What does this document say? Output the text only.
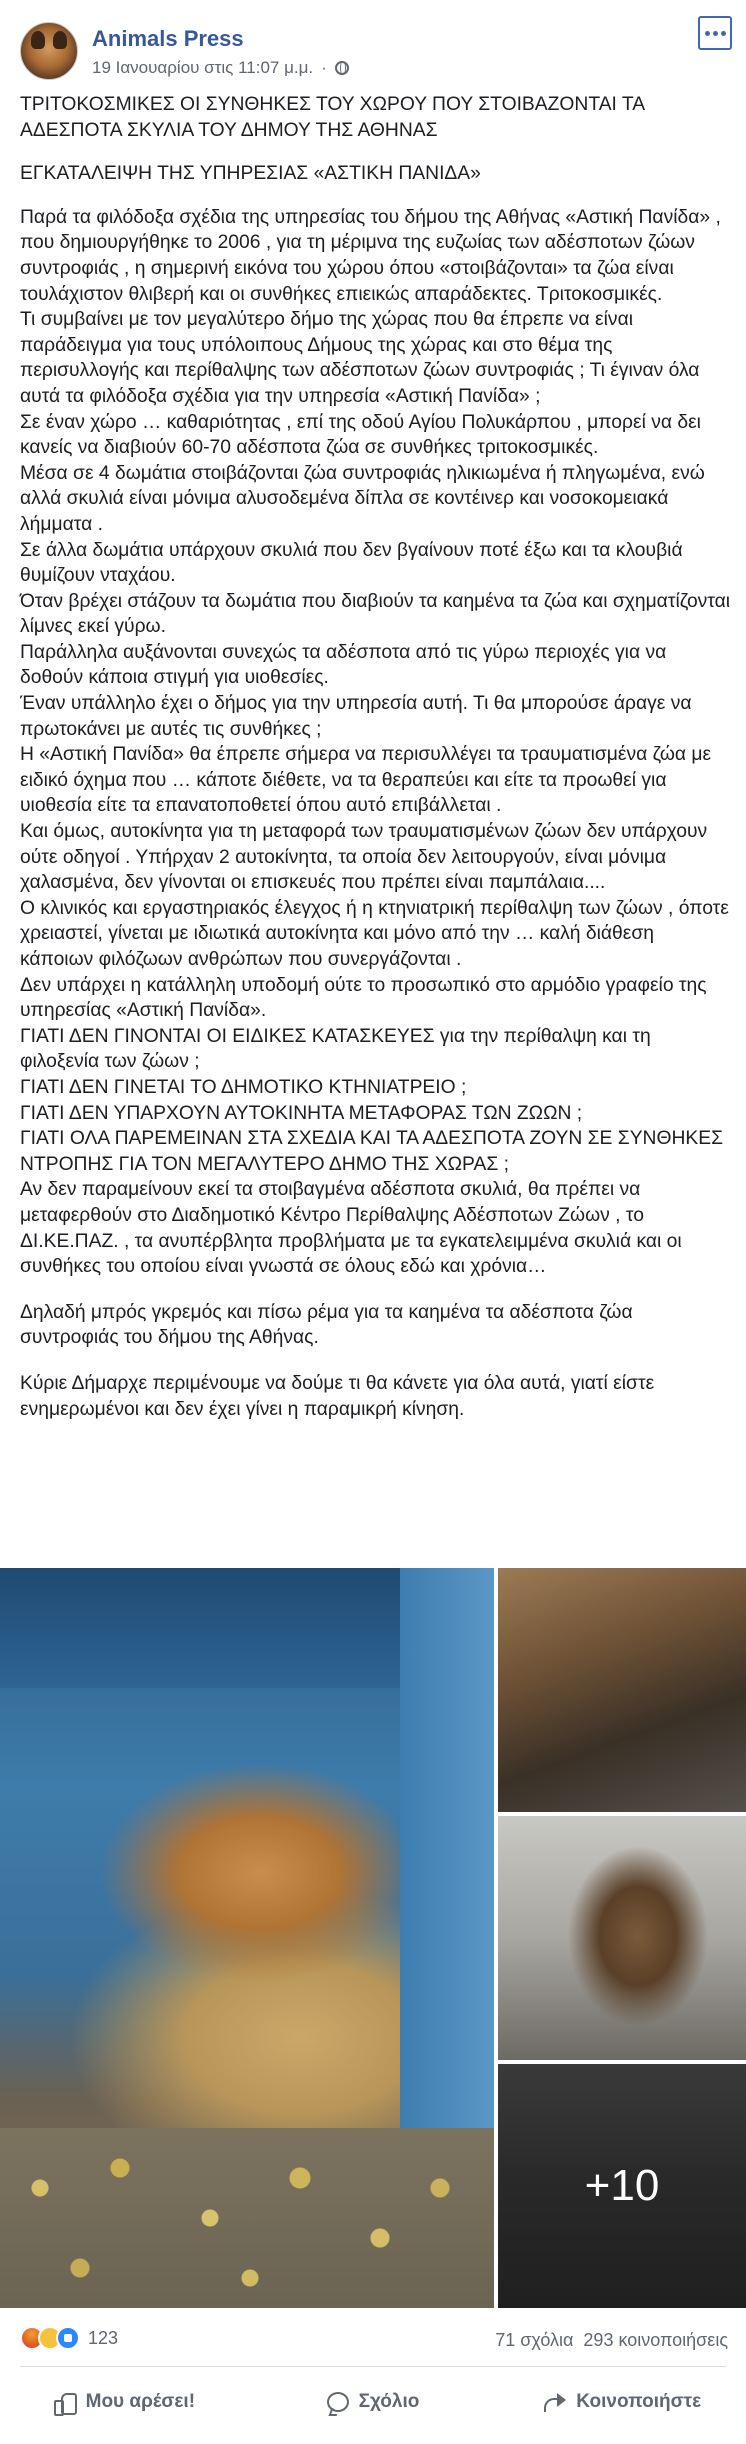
Animals Press
19 Ιανουαρίου στις 11:07 μ.μ. ·

ΤΡΙΤΟΚΟΣΜΙΚΕΣ ΟΙ ΣΥΝΘΗΚΕΣ ΤΟΥ ΧΩΡΟΥ ΠΟΥ ΣΤΟΙΒΑΖΟΝΤΑΙ ΤΑ ΑΔΕΣΠΟΤΑ ΣΚΥΛΙΑ ΤΟΥ ΔΗΜΟΥ ΤΗΣ ΑΘΗΝΑΣ

ΕΓΚΑΤΑΛΕΙΨΗ ΤΗΣ ΥΠΗΡΕΣΙΑΣ «ΑΣΤΙΚΗ ΠΑΝΙΔΑ»

Παρά τα φιλόδοξα σχέδια της υπηρεσίας του δήμου της Αθήνας «Αστική Πανίδα» , που δημιουργήθηκε το 2006 , για τη μέριμνα της ευζωίας των αδέσποτων ζώων συντροφιάς , η σημερινή εικόνα του χώρου όπου «στοιβάζονται» τα ζώα είναι τουλάχιστον θλιβερή και οι συνθήκες επιεικώς απαράδεκτες. Τριτοκοσμικές.

Τι συμβαίνει με τον μεγαλύτερο δήμο της χώρας που θα έπρεπε να είναι παράδειγμα για τους υπόλοιπους Δήμους της χώρας και στο θέμα της περισυλλογής και περίθαλψης των αδέσποτων ζώων συντροφιάς ; Τι έγιναν όλα αυτά τα φιλόδοξα σχέδια για την υπηρεσία «Αστική Πανίδα» ;

Σε έναν χώρο … καθαριότητας , επί της οδού Αγίου Πολυκάρπου , μπορεί να δει κανείς να διαβιούν 60-70 αδέσποτα ζώα σε συνθήκες τριτοκοσμικές.

Μέσα σε 4 δωμάτια στοιβάζονται ζώα συντροφιάς ηλικιωμένα ή πληγωμένα, ενώ αλλά σκυλιά είναι μόνιμα αλυσοδεμένα δίπλα σε κοντέινερ και νοσοκομειακά λήμματα .

Σε άλλα δωμάτια υπάρχουν σκυλιά που δεν βγαίνουν ποτέ έξω και τα κλουβιά θυμίζουν νταχάου.

Όταν βρέχει στάζουν τα δωμάτια που διαβιούν τα καημένα τα ζώα και σχηματίζονται λίμνες εκεί γύρω.

Παράλληλα αυξάνονται συνεχώς τα αδέσποτα από τις γύρω περιοχές για να δοθούν κάποια στιγμή για υιοθεσίες.

Έναν υπάλληλο έχει ο δήμος για την υπηρεσία αυτή. Τι θα μπορούσε άραγε να πρωτοκάνει με αυτές τις συνθήκες ;

Η «Αστική Πανίδα» θα έπρεπε σήμερα να περισυλλέγει τα τραυματισμένα ζώα με ειδικό όχημα που … κάποτε διέθετε, να τα θεραπεύει και είτε τα προωθεί για υιοθεσία είτε τα επανατοποθετεί όπου αυτό επιβάλλεται .

Και όμως, αυτοκίνητα για τη μεταφορά των τραυματισμένων ζώων δεν υπάρχουν ούτε οδηγοί . Υπήρχαν 2 αυτοκίνητα, τα οποία δεν λειτουργούν, είναι μόνιμα χαλασμένα, δεν γίνονται οι επισκευές που πρέπει είναι παμπάλαια....

Ο κλινικός και εργαστηριακός έλεγχος ή η κτηνιατρική περίθαλψη των ζώων , όποτε χρειαστεί, γίνεται με ιδιωτικά αυτοκίνητα και μόνο από την … καλή διάθεση κάποιων φιλόζωων ανθρώπων που συνεργάζονται .

Δεν υπάρχει η κατάλληλη υποδομή ούτε το προσωπικό στο αρμόδιο γραφείο της υπηρεσίας «Αστική Πανίδα».

ΓΙΑΤΙ ΔΕΝ ΓΙΝΟΝΤΑΙ ΟΙ ΕΙΔΙΚΕΣ ΚΑΤΑΣΚΕΥΕΣ για την περίθαλψη και τη φιλοξενία των ζώων ;

ΓΙΑΤΙ ΔΕΝ ΓΙΝΕΤΑΙ ΤΟ ΔΗΜΟΤΙΚΟ ΚΤΗΝΙΑΤΡΕΙΟ ;

ΓΙΑΤΙ ΔΕΝ ΥΠΑΡΧΟΥΝ ΑΥΤΟΚΙΝΗΤΑ ΜΕΤΑΦΟΡΑΣ ΤΩΝ ΖΩΩΝ ;

ΓΙΑΤΙ ΟΛΑ ΠΑΡΕΜΕΙΝΑΝ ΣΤΑ ΣΧΕΔΙΑ ΚΑΙ ΤΑ ΑΔΕΣΠΟΤΑ ΖΟΥΝ ΣΕ ΣΥΝΘΗΚΕΣ ΝΤΡΟΠΗΣ ΓΙΑ ΤΟΝ ΜΕΓΑΛΥΤΕΡΟ ΔΗΜΟ ΤΗΣ ΧΩΡΑΣ ;

Αν δεν παραμείνουν εκεί τα στοιβαγμένα αδέσποτα σκυλιά, θα πρέπει να μεταφερθούν στο Διαδημοτικό Κέντρο Περίθαλψης Αδέσποτων Ζώων , το ΔΙ.ΚΕ.ΠΑΖ. , τα ανυπέρβλητα προβλήματα με τα εγκατελειμμένα σκυλιά και οι συνθήκες του οποίου είναι γνωστά σε όλους εδώ και χρόνια…

Δηλαδή μπρός γκρεμός και πίσω ρέμα για τα καημένα τα αδέσποτα ζώα συντροφιάς του δήμου της Αθήνας.

Κύριε Δήμαρχε περιμένουμε να δούμε τι θα κάνετε για όλα αυτά, γιατί είστε ενημερωμένοι και δεν έχει γίνει η παραμικρή κίνηση.

+10
123	71 σχόλια 293 κοινοποιήσεις
Μου αρέσει!	Σχόλιο	Κοινοποιήστε
